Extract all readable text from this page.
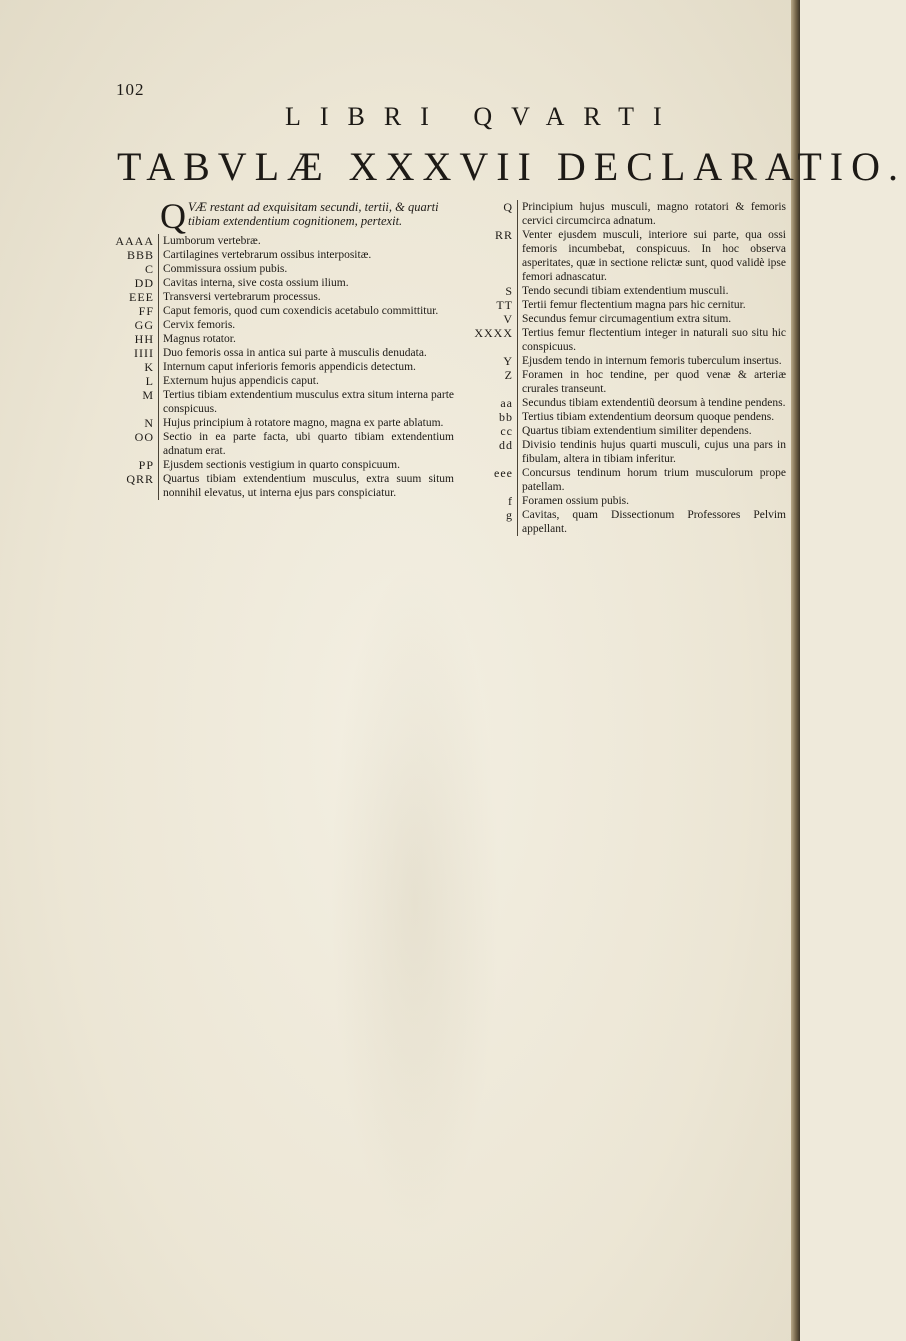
102
LIBRI QVARTI
TABVLÆ XXXVII DECLARATIO.
Q VÆ restant ad exquisitam secundi, tertii, & quarti tibiam extendentium cognitionem, pertexit.
AAAA Lumborum vertebræ.
BBB Cartilagines vertebrarum ossibus interpositæ.
C Commissura ossium pubis.
DD Cavitas interna, sive costa ossium ilium.
EEE Transversi vertebrarum processus.
FF Caput femoris, quod cum coxendicis acetabulo committitur.
GG Cervix femoris.
HH Magnus rotator.
IIII Duo femoris ossa in antica sui parte à musculis denudata.
K Internum caput inferioris femoris appendicis detectum.
L Externum hujus appendicis caput.
M Tertius tibiam extendentium musculus extra situm interna parte conspicuus.
N Hujus principium à rotatore magno, magna ex parte ablatum.
OO Sectio in ea parte facta, ubi quarto tibiam extendentium adnatum erat.
PP Ejusdem sectionis vestigium in quarto conspicuum.
QRR Quartus tibiam extendentium musculus, extra suum situm nonnihil elevatus, ut interna ejus pars conspiciatur.
Q Principium hujus musculi, magno rotatori & femoris cervici circumcirca adnatum.
RR Venter ejusdem musculi, interiore sui parte, qua ossi femoris incumbebat, conspicuus. In hoc observa asperitates, quæ in sectione relictæ sunt, quod validè ipse femori adnascatur.
S Tendo secundi tibiam extendentium musculi.
TT Tertii femur flectentium magna pars hic cernitur.
V Secundus femur circumagentium extra situm.
XXXX Tertius femur flectentium integer in naturali suo situ hic conspicuus.
Y Ejusdem tendo in internum femoris tuberculum insertus.
Z Foramen in hoc tendine, per quod venæ & arteriæ crurales transeunt.
aa Secundus tibiam extendentiũ deorsum à tendine pendens.
bb Tertius tibiam extendentium deorsum quoque pendens.
cc Quartus tibiam extendentium similiter dependens.
dd Divisio tendinis hujus quarti musculi, cujus una pars in fibulam, altera in tibiam inferitur.
eee Concursus tendinum horum trium musculorum prope patellam.
f Foramen ossium pubis.
g Cavitas, quam Dissectionum Professores Pelvim appellant.
